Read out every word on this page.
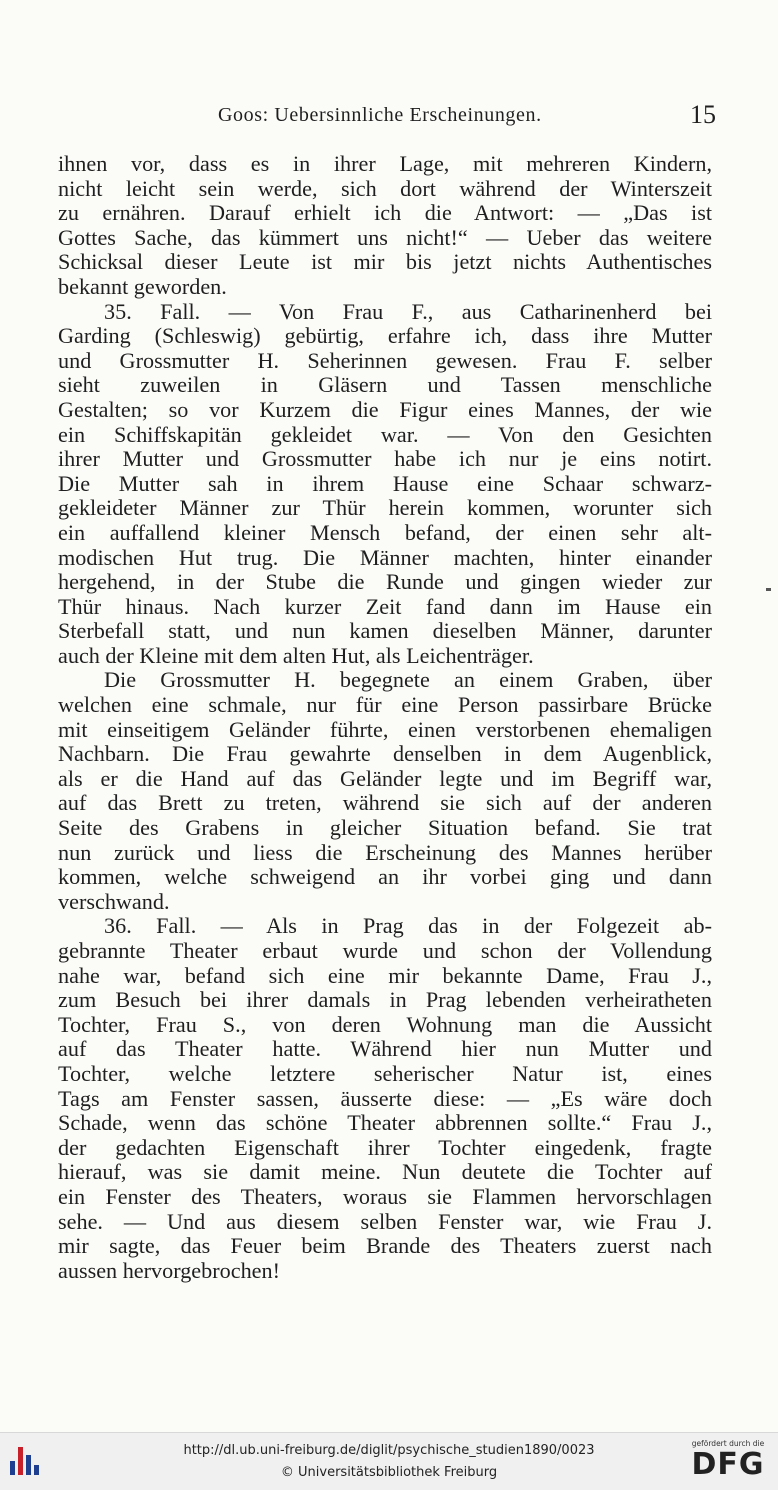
Goos: Uebersinnliche Erscheinungen.	15
ihnen vor, dass es in ihrer Lage, mit mehreren Kindern,
nicht leicht sein werde, sich dort während der Winterszeit
zu ernähren. Darauf erhielt ich die Antwort: — „Das ist
Gottes Sache, das kümmert uns nicht!“ — Ueber das weitere
Schicksal dieser Leute ist mir bis jetzt nichts Authentisches
bekannt geworden.
35. Fall. — Von Frau F., aus Catharinenherd bei
Garding (Schleswig) gebürtig, erfahre ich, dass ihre Mutter
und Grossmutter H. Seherinnen gewesen. Frau F. selber
sieht zuweilen in Gläsern und Tassen menschliche
Gestalten; so vor Kurzem die Figur eines Mannes, der wie
ein Schiffskapitän gekleidet war. — Von den Gesichten
ihrer Mutter und Grossmutter habe ich nur je eins notirt.
Die Mutter sah in ihrem Hause eine Schaar schwarz-
gekleideter Männer zur Thür herein kommen, worunter sich
ein auffallend kleiner Mensch befand, der einen sehr alt-
modischen Hut trug. Die Männer machten, hinter einander
hergehend, in der Stube die Runde und gingen wieder zur
Thür hinaus. Nach kurzer Zeit fand dann im Hause ein
Sterbefall statt, und nun kamen dieselben Männer, darunter
auch der Kleine mit dem alten Hut, als Leichenträger.
Die Grossmutter H. begegnete an einem Graben, über
welchen eine schmale, nur für eine Person passirbare Brücke
mit einseitigem Geländer führte, einen verstorbenen ehemaligen
Nachbarn. Die Frau gewahrte denselben in dem Augenblick,
als er die Hand auf das Geländer legte und im Begriff war,
auf das Brett zu treten, während sie sich auf der anderen
Seite des Grabens in gleicher Situation befand. Sie trat
nun zurück und liess die Erscheinung des Mannes herüber
kommen, welche schweigend an ihr vorbei ging und dann
verschwand.
36. Fall. — Als in Prag das in der Folgezeit ab-
gebrannte Theater erbaut wurde und schon der Vollendung
nahe war, befand sich eine mir bekannte Dame, Frau J.,
zum Besuch bei ihrer damals in Prag lebenden verheiratheten
Tochter, Frau S., von deren Wohnung man die Aussicht
auf das Theater hatte. Während hier nun Mutter und
Tochter, welche letztere seherischer Natur ist, eines
Tags am Fenster sassen, äusserte diese: — „Es wäre doch
Schade, wenn das schöne Theater abbrennen sollte.“ Frau J.,
der gedachten Eigenschaft ihrer Tochter eingedenk, fragte
hierauf, was sie damit meine. Nun deutete die Tochter auf
ein Fenster des Theaters, woraus sie Flammen hervorschlagen
sehe. — Und aus diesem selben Fenster war, wie Frau J.
mir sagte, das Feuer beim Brande des Theaters zuerst nach
aussen hervorgebrochen!
http://dl.ub.uni-freiburg.de/diglit/psychische_studien1890/0023
© Universitätsbibliothek Freiburg
gefördert durch die
DFG
